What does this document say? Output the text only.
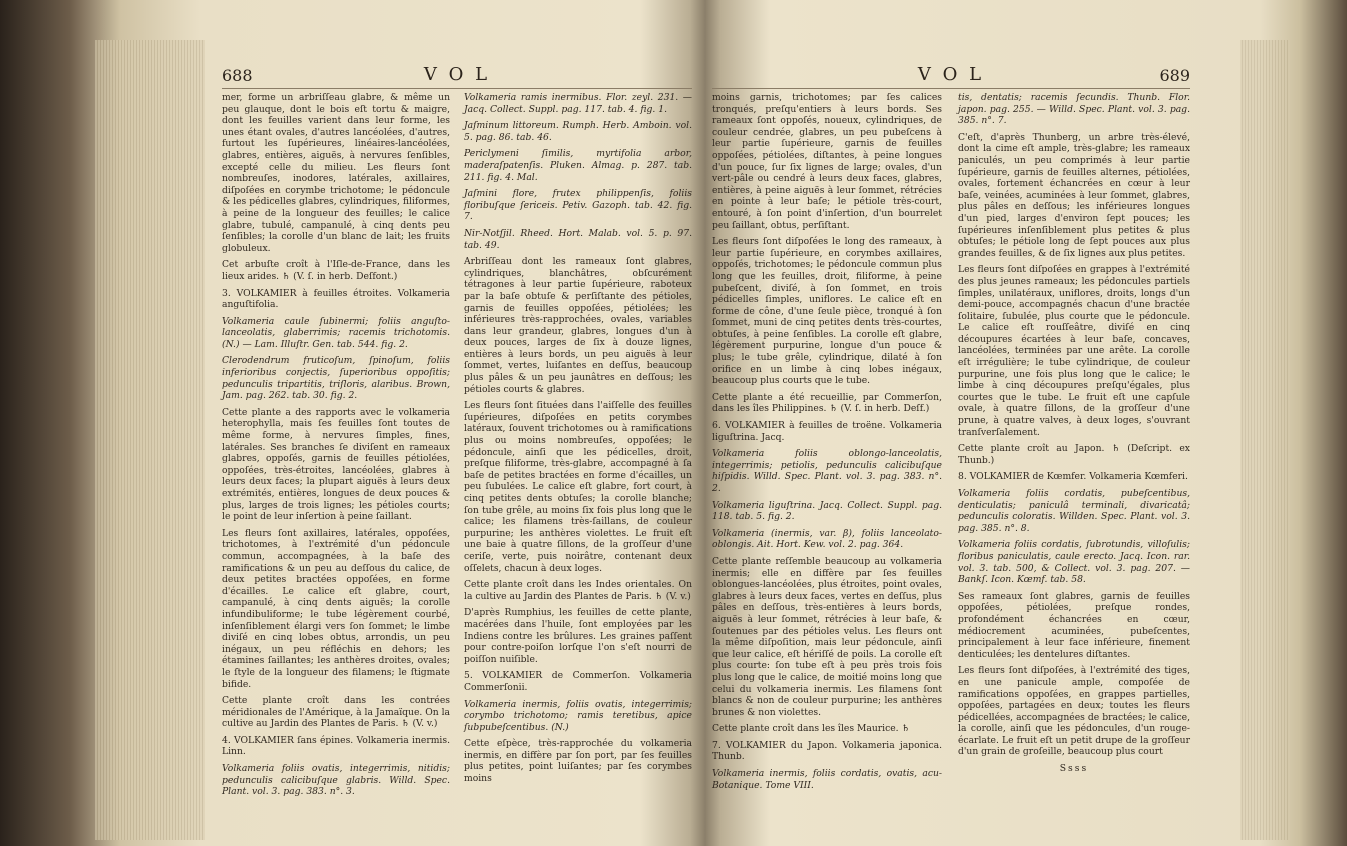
688	V O L

mer, forme un arbriſſeau glabre, & même un peu glauque, dont le bois eſt tortu & maigre, dont les feuilles varient dans leur forme, les unes étant ovales, d'autres lancéolées, d'autres, furtout les ſupérieures, linéaires-lancéolées, glabres, entières, aiguës, à nervures ſenſibles, excepté celle du milieu. Les fleurs ſont nombreuſes, inodores, latérales, axillaires, diſpoſées en corymbe trichotome; le pédoncule & les pédicelles glabres, cylindriques, filiformes, à peine de la longueur des feuilles; le calice glabre, tubulé, campanulé, à cinq dents peu ſenſibles; la corolle d'un blanc de lait; les fruits globuleux.

Cet arbuſte croît à l'Iſle-de-France, dans les lieux arides. ♄ (V. ſ. in herb. Deſfont.)

3. VOLKAMIER à feuilles étroites. Volkameria anguſtifolia.

Volkameria caule ſubinermi; foliis anguſto-lanceolatis, glaberrimis; racemis trichotomis. (N.) — Lam. Illuſtr. Gen. tab. 544. fig. 2.

Clerodendrum fruticoſum, ſpinoſum, foliis inferioribus conjectis, ſuperioribus oppoſitis; pedunculis tripartitis, triſloris, alaribus. Brown, Jam. pag. 262. tab. 30. fig. 2.

Cette plante a des rapports avec le volkameria heterophylla, mais ſes feuilles ſont toutes de même forme, à nervures ſimples, fines, latérales. Ses branches ſe diviſent en rameaux glabres, oppoſés, garnis de feuilles pétiolées, oppoſées, très-étroites, lancéolées, glabres à leurs deux faces; la plupart aiguës à leurs deux extrémités, entières, longues de deux pouces & plus, larges de trois lignes; les pétioles courts; le point de leur inſertion à peine ſaillant.

Les fleurs ſont axillaires, latérales, oppoſées, trichotomes, à l'extrémité d'un pédoncule commun, accompagnées, à la baſe des ramifications & un peu au deſſous du calice, de deux petites bractées oppoſées, en forme d'écailles. Le calice eſt glabre, court, campanulé, à cinq dents aiguës; la corolle infundibuliforme; le tube légèrement courbé, inſenſiblement élargi vers ſon ſommet; le limbe diviſé en cinq lobes obtus, arrondis, un peu inégaux, un peu réfléchis en dehors; les étamines ſaillantes; les anthères droites, ovales; le ſtyle de la longueur des filamens; le ſtigmate bifide.

Cette plante croît dans les contrées méridionales de l'Amérique, à la Jamaïque. On la cultive au Jardin des Plantes de Paris. ♄ (V. v.)

4. VOLKAMIER ſans épines. Volkameria inermis. Linn.

Volkameria foliis ovatis, integerrimis, nitidis; pedunculis calicibuſque glabris. Willd. Spec. Plant. vol. 3. pag. 383. n°. 3.

Volkameria ramis inermibus. Flor. zeyl. 231. — Jacq. Collect. Suppl. pag. 117. tab. 4. fig. 1.

Jaſminum littoreum. Rumph. Herb. Amboin. vol. 5. pag. 86. tab. 46.

Periclymeni ſimilis, myrtifolia arbor, maderaſpatenſis. Pluken. Almag. p. 287. tab. 211. fig. 4. Mal.

Jaſmini flore, frutex philippenſis, foliis floribuſque ſericeis. Petiv. Gazoph. tab. 42. fig. 7.

Nir-Notſjil. Rheed. Hort. Malab. vol. 5. p. 97. tab. 49.

Arbriſſeau dont les rameaux ſont glabres, cylindriques, blanchâtres, obſcurément tétragones à leur partie ſupérieure, raboteux par la baſe obtuſe & perſiſtante des pétioles, garnis de feuilles oppoſées, pétiolées; les inférieures très-rapprochées, ovales, variables dans leur grandeur, glabres, longues d'un à deux pouces, larges de ſix à douze lignes, entières à leurs bords, un peu aiguës à leur ſommet, vertes, luiſantes en deſſus, beaucoup plus pâles & un peu jaunâtres en deſſous; les pétioles courts & glabres.

Les fleurs ſont ſituées dans l'aiſſelle des feuilles ſupérieures, diſpoſées en petits corymbes latéraux, ſouvent trichotomes ou à ramifications plus ou moins nombreuſes, oppoſées; le pédoncule, ainſi que les pédicelles, droit, preſque filiforme, très-glabre, accompagné à ſa baſe de petites bractées en forme d'écailles, un peu ſubulées. Le calice eſt glabre, fort court, à cinq petites dents obtuſes; la corolle blanche; ſon tube grêle, au moins ſix fois plus long que le calice; les filamens très-ſaillans, de couleur purpurine; les anthères violettes. Le fruit eſt une baie à quatre ſillons, de la groſſeur d'une ceriſe, verte, puis noirâtre, contenant deux oſſelets, chacun à deux loges.

Cette plante croît dans les Indes orientales. On la cultive au Jardin des Plantes de Paris. ♄ (V. v.)

D'après Rumphius, les feuilles de cette plante, macérées dans l'huile, ſont employées par les Indiens contre les brûlures. Les graines paſſent pour contre-poiſon lorſque l'on s'eſt nourri de poiſſon nuiſible.

5. VOLKAMIER de Commerſon. Volkameria Commerſonii.

Volkameria inermis, foliis ovatis, integerrimis; corymbo trichotomo; ramis teretibus, apice ſubpubeſcentibus. (N.)

Cette eſpèce, très-rapprochée du volkameria inermis, en diffère par ſon port, par ſes feuilles plus petites, point luiſantes; par ſes corymbes moins

V O L	689

moins garnis, trichotomes; par ſes calices tronqués, preſqu'entiers à leurs bords. Ses rameaux ſont oppoſés, noueux, cylindriques, de couleur cendrée, glabres, un peu pubeſcens à leur partie ſupérieure, garnis de feuilles oppoſées, pétiolées, diſtantes, à peine longues d'un pouce, ſur ſix lignes de large; ovales, d'un vert-pâle ou cendré à leurs deux faces, glabres, entières, à peine aiguës à leur ſommet, rétrécies en pointe à leur baſe; le pétiole très-court, entouré, à ſon point d'inſertion, d'un bourrelet peu ſaillant, obtus, perſiſtant.

Les fleurs ſont diſpoſées le long des rameaux, à leur partie ſupérieure, en corymbes axillaires, oppoſés, trichotomes; le pédoncule commun plus long que les feuilles, droit, filiforme, à peine pubeſcent, diviſé, à ſon ſommet, en trois pédicelles ſimples, uniflores. Le calice eſt en forme de cône, d'une ſeule pièce, tronqué à ſon ſommet, muni de cinq petites dents très-courtes, obtuſes, à peine ſenſibles. La corolle eſt glabre, légèrement purpurine, longue d'un pouce & plus; le tube grêle, cylindrique, dilaté à ſon orifice en un limbe à cinq lobes inégaux, beaucoup plus courts que le tube.

Cette plante a été recueillie, par Commerſon, dans les îles Philippines. ♄ (V. ſ. in herb. Deſf.)

6. VOLKAMIER à feuilles de troëne. Volkameria liguſtrina. Jacq.

Volkameria foliis oblongo-lanceolatis, integerrimis; petiolis, pedunculis calicibuſque hiſpidis. Willd. Spec. Plant. vol. 3. pag. 383. n°. 2.

Volkameria liguſtrina. Jacq. Collect. Suppl. pag. 118. tab. 5. fig. 2.

Volkameria (inermis, var. β), foliis lanceolato-oblongis. Ait. Hort. Kew. vol. 2. pag. 364.

Cette plante reſſemble beaucoup au volkameria inermis; elle en diffère par ſes feuilles oblongues-lancéolées, plus étroites, point ovales, glabres à leurs deux faces, vertes en deſſus, plus pâles en deſſous, très-entières à leurs bords, aiguës à leur ſommet, rétrécies à leur baſe, & ſoutenues par des pétioles velus. Les fleurs ont la même diſpoſition, mais leur pédoncule, ainſi que leur calice, eſt hériſſé de poils. La corolle eſt plus courte: ſon tube eſt à peu près trois fois plus long que le calice, de moitié moins long que celui du volkameria inermis. Les filamens ſont blancs & non de couleur purpurine; les anthères brunes & non violettes.

Cette plante croît dans les îles Maurice. ♄

7. VOLKAMIER du Japon. Volkameria japonica. Thunb.

Volkameria inermis, foliis cordatis, ovatis, acu- Botanique. Tome VIII.

tis, dentatis; racemis ſecundis. Thunb. Flor. japon. pag. 255. — Willd. Spec. Plant. vol. 3. pag. 385. n°. 7.

C'eſt, d'après Thunberg, un arbre très-élevé, dont la cime eſt ample, très-glabre; les rameaux paniculés, un peu comprimés à leur partie ſupérieure, garnis de feuilles alternes, pétiolées, ovales, fortement échancrées en cœur à leur baſe, veinées, acuminées à leur ſommet, glabres, plus pâles en deſſous; les inférieures longues d'un pied, larges d'environ ſept pouces; les ſupérieures inſenſiblement plus petites & plus obtuſes; le pétiole long de ſept pouces aux plus grandes feuilles, & de ſix lignes aux plus petites.

Les fleurs ſont diſpoſées en grappes à l'extrémité des plus jeunes rameaux; les pédoncules partiels ſimples, unilatéraux, uniflores, droits, longs d'un demi-pouce, accompagnés chacun d'une bractée ſolitaire, ſubulée, plus courte que le pédoncule. Le calice eſt rouſſeâtre, diviſé en cinq découpures écartées à leur baſe, concaves, lancéolées, terminées par une arête. La corolle eſt irrégulière; le tube cylindrique, de couleur purpurine, une fois plus long que le calice; le limbe à cinq découpures preſqu'égales, plus courtes que le tube. Le fruit eſt une capſule ovale, à quatre ſillons, de la groſſeur d'une prune, à quatre valves, à deux loges, s'ouvrant tranſverſalement.

Cette plante croît au Japon. ♄ (Deſcript. ex Thunb.)

8. VOLKAMIER de Kœmfer. Volkameria Kœmferi.

Volkameria foliis cordatis, pubeſcentibus, denticulatis; paniculâ terminali, divaricatâ; pedunculis coloratis. Willden. Spec. Plant. vol. 3. pag. 385. n°. 8.

Volkameria foliis cordatis, ſubrotundis, villoſulis; floribus paniculatis, caule erecto. Jacq. Icon. rar. vol. 3. tab. 500, & Collect. vol. 3. pag. 207. — Bankſ. Icon. Kœmf. tab. 58.

Ses rameaux ſont glabres, garnis de feuilles oppoſées, pétiolées, preſque rondes, profondément échancrées en cœur, médiocrement acuminées, pubeſcentes, principalement à leur face inférieure, finement denticulées; les dentelures diſtantes.

Les fleurs ſont diſpoſées, à l'extrémité des tiges, en une panicule ample, compoſée de ramifications oppoſées, en grappes partielles, oppoſées, partagées en deux; toutes les fleurs pédicellées, accompagnées de bractées; le calice, la corolle, ainſi que les pédoncules, d'un rouge-écarlate. Le fruit eſt un petit drupe de la groſſeur d'un grain de groſeille, beaucoup plus court

Ssss
